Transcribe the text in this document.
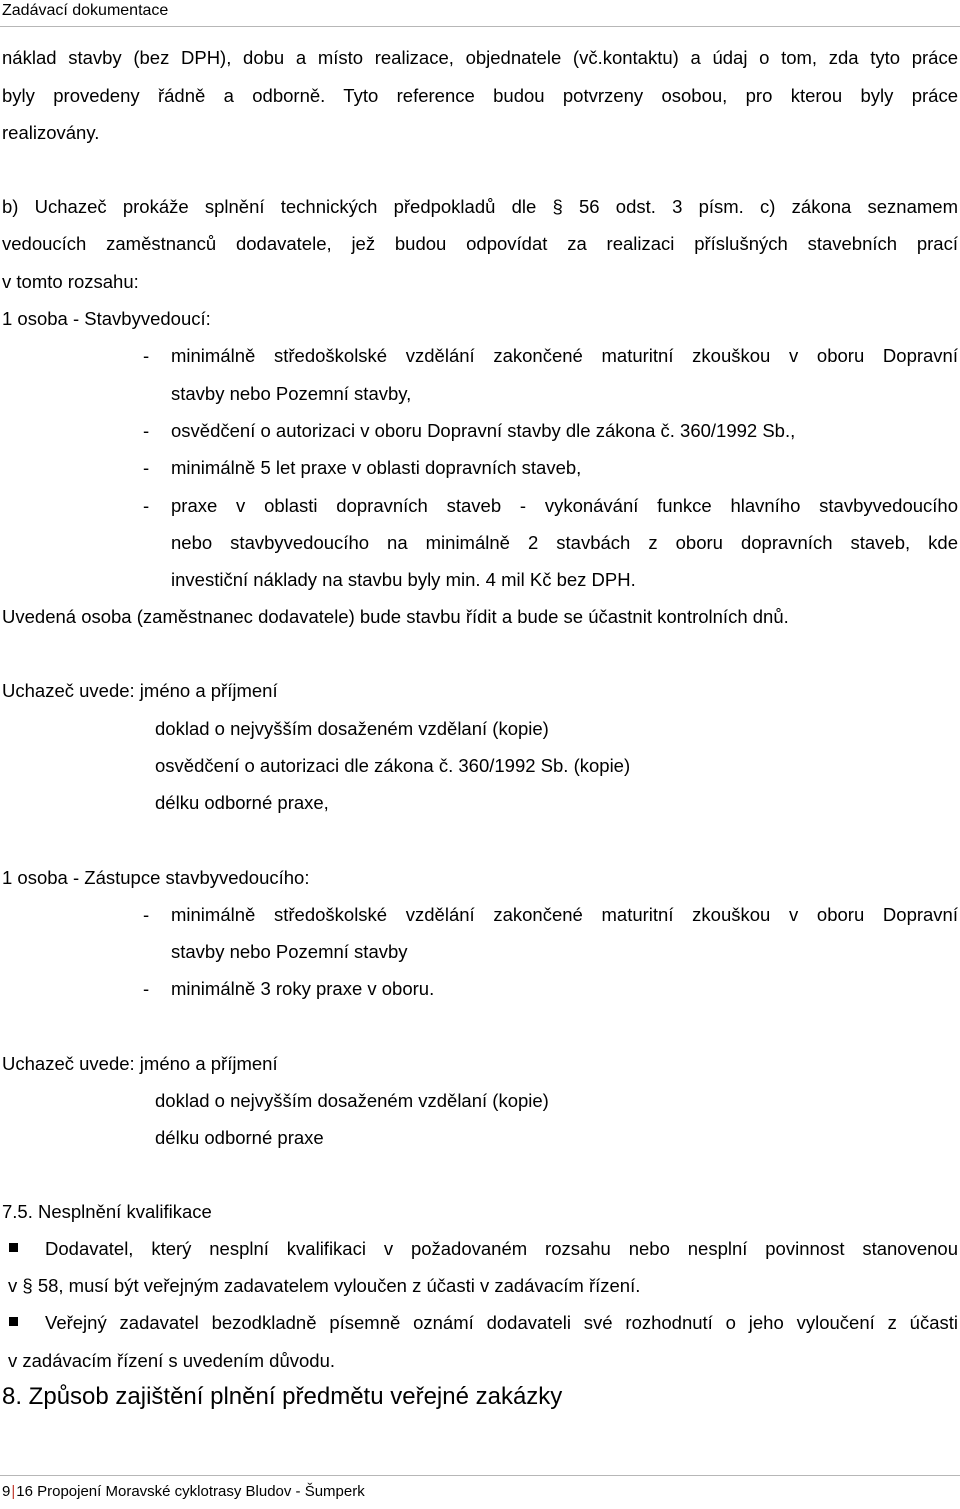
Zadávací dokumentace
náklad stavby (bez DPH), dobu a místo realizace, objednatele (vč.kontaktu) a údaj o tom, zda tyto práce
byly provedeny řádně a odborně. Tyto reference budou potvrzeny osobou, pro kterou byly práce
realizovány.
b) Uchazeč prokáže splnění technických předpokladů dle § 56 odst. 3 písm. c) zákona seznamem
vedoucích zaměstnanců dodavatele, jež budou odpovídat za realizaci příslušných stavebních prací
v tomto rozsahu:
1 osoba - Stavbyvedoucí:
- minimálně středoškolské vzdělání zakončené maturitní zkouškou v oboru Dopravní
stavby nebo Pozemní stavby,
- osvědčení o autorizaci v oboru Dopravní stavby dle zákona č. 360/1992 Sb.,
- minimálně 5 let praxe v oblasti dopravních staveb,
- praxe v oblasti dopravních staveb - vykonávání funkce hlavního stavbyvedoucího
nebo stavbyvedoucího na minimálně 2 stavbách z oboru dopravních staveb, kde
investiční náklady na stavbu byly min. 4 mil Kč bez DPH.
Uvedená osoba (zaměstnanec dodavatele) bude stavbu řídit a bude se účastnit kontrolních dnů.
Uchazeč uvede: jméno a příjmení
doklad o nejvyšším dosaženém vzdělaní (kopie)
osvědčení o autorizaci dle zákona č. 360/1992 Sb. (kopie)
délku odborné praxe,
1 osoba - Zástupce stavbyvedoucího:
- minimálně středoškolské vzdělání zakončené maturitní zkouškou v oboru Dopravní
stavby nebo Pozemní stavby
- minimálně 3 roky praxe v oboru.
Uchazeč uvede: jméno a příjmení
doklad o nejvyšším dosaženém vzdělaní (kopie)
délku odborné praxe
7.5. Nesplnění kvalifikace
Dodavatel, který nesplní kvalifikaci v požadovaném rozsahu nebo nesplní povinnost stanovenou
v § 58, musí být veřejným zadavatelem vyloučen z účasti v zadávacím řízení.
Veřejný zadavatel bezodkladně písemně oznámí dodavateli své rozhodnutí o jeho vyloučení z účasti
v zadávacím řízení s uvedením důvodu.
8. Způsob zajištění plnění předmětu veřejné zakázky
9|16 Propojení Moravské cyklotrasy Bludov - Šumperk
